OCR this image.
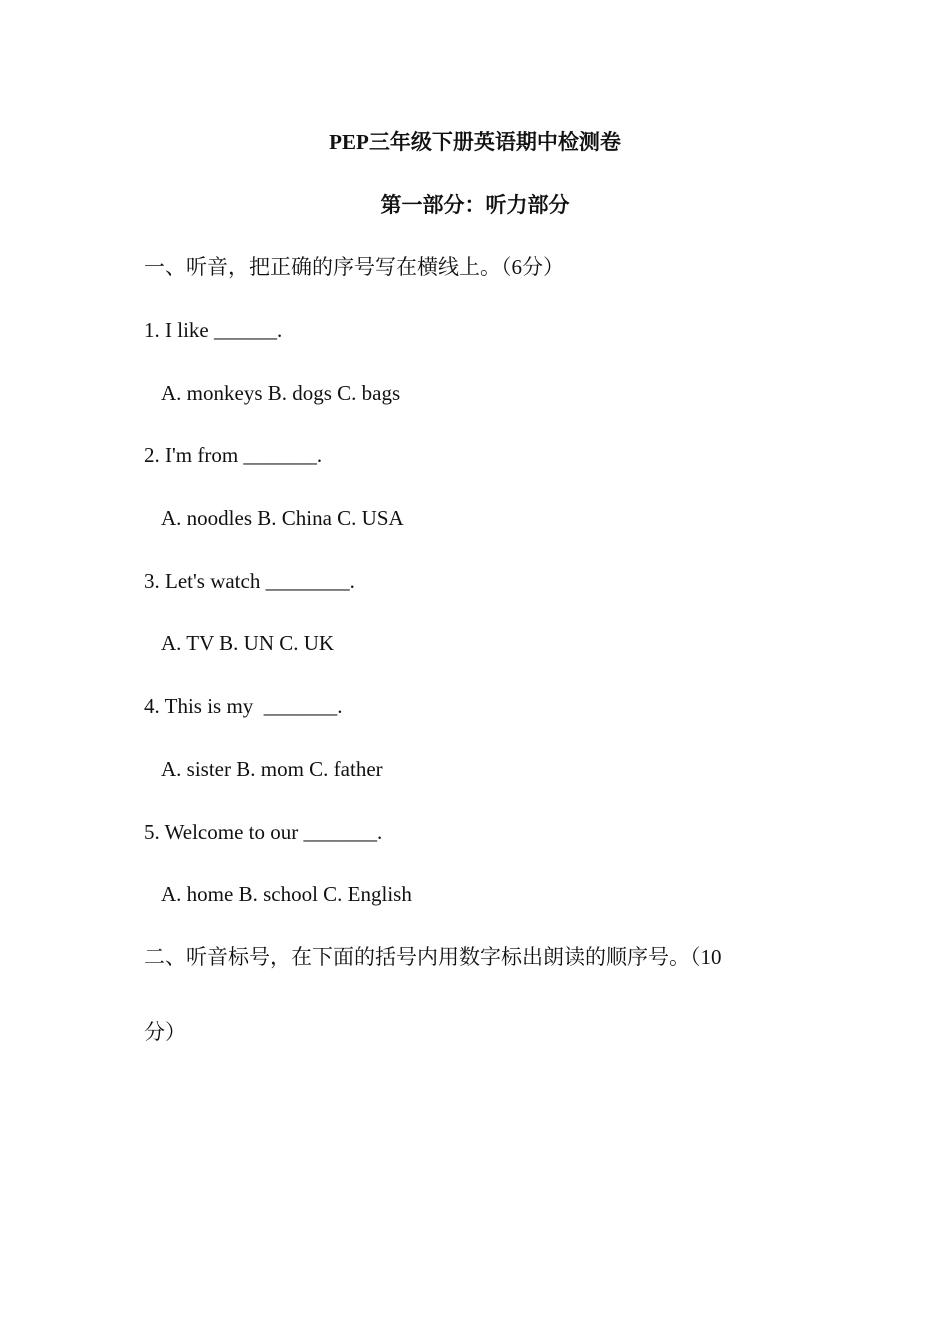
PEP三年级下册英语期中检测卷
第一部分：听力部分
一、听音，把正确的序号写在横线上。（6分）
1. I like ______.
A. monkeys B. dogs C. bags
2. I'm from _______.
A. noodles B. China C. USA
3. Let's watch ________.
A. TV B. UN C. UK
4. This is my  _______.
A. sister B. mom C. father
5. Welcome to our _______.
A. home B. school C. English
二、听音标号，在下面的括号内用数字标出朗读的顺序号。（10
分）
